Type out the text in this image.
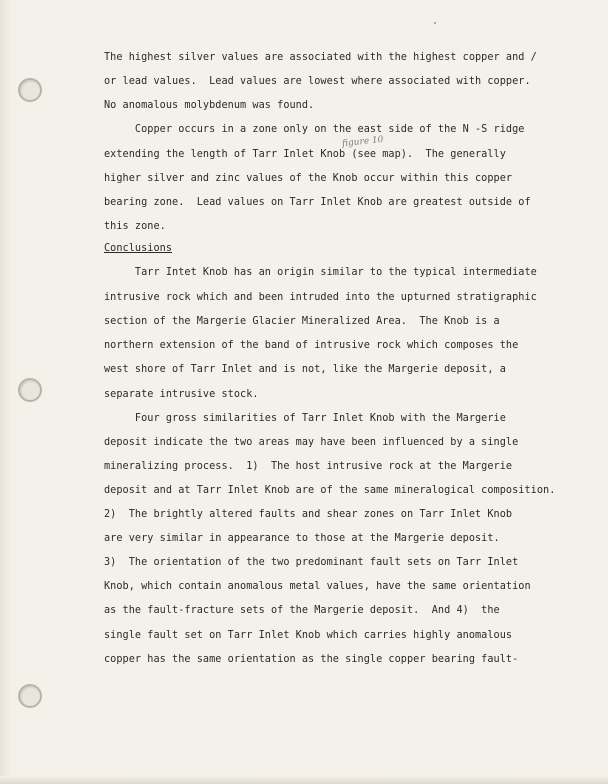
figure 10
The highest silver values are associated with the highest copper and /
or lead values.  Lead values are lowest where associated with copper.
No anomalous molybdenum was found.
Copper occurs in a zone only on the east side of the N -S ridge
extending the length of Tarr Inlet Knob (see map).  The generally
higher silver and zinc values of the Knob occur within this copper
bearing zone.  Lead values on Tarr Inlet Knob are greatest outside of
this zone.
Conclusions
Tarr Intet Knob has an origin similar to the typical intermediate
intrusive rock which and been intruded into the upturned stratigraphic
section of the Margerie Glacier Mineralized Area.  The Knob is a
northern extension of the band of intrusive rock which composes the
west shore of Tarr Inlet and is not, like the Margerie deposit, a
separate intrusive stock.
Four gross similarities of Tarr Inlet Knob with the Margerie
deposit indicate the two areas may have been influenced by a single
mineralizing process.  1)  The host intrusive rock at the Margerie
deposit and at Tarr Inlet Knob are of the same mineralogical composition.
2)  The brightly altered faults and shear zones on Tarr Inlet Knob
are very similar in appearance to those at the Margerie deposit.
3)  The orientation of the two predominant fault sets on Tarr Inlet
Knob, which contain anomalous metal values, have the same orientation
as the fault-fracture sets of the Margerie deposit.  And 4)  the
single fault set on Tarr Inlet Knob which carries highly anomalous
copper has the same orientation as the single copper bearing fault-
